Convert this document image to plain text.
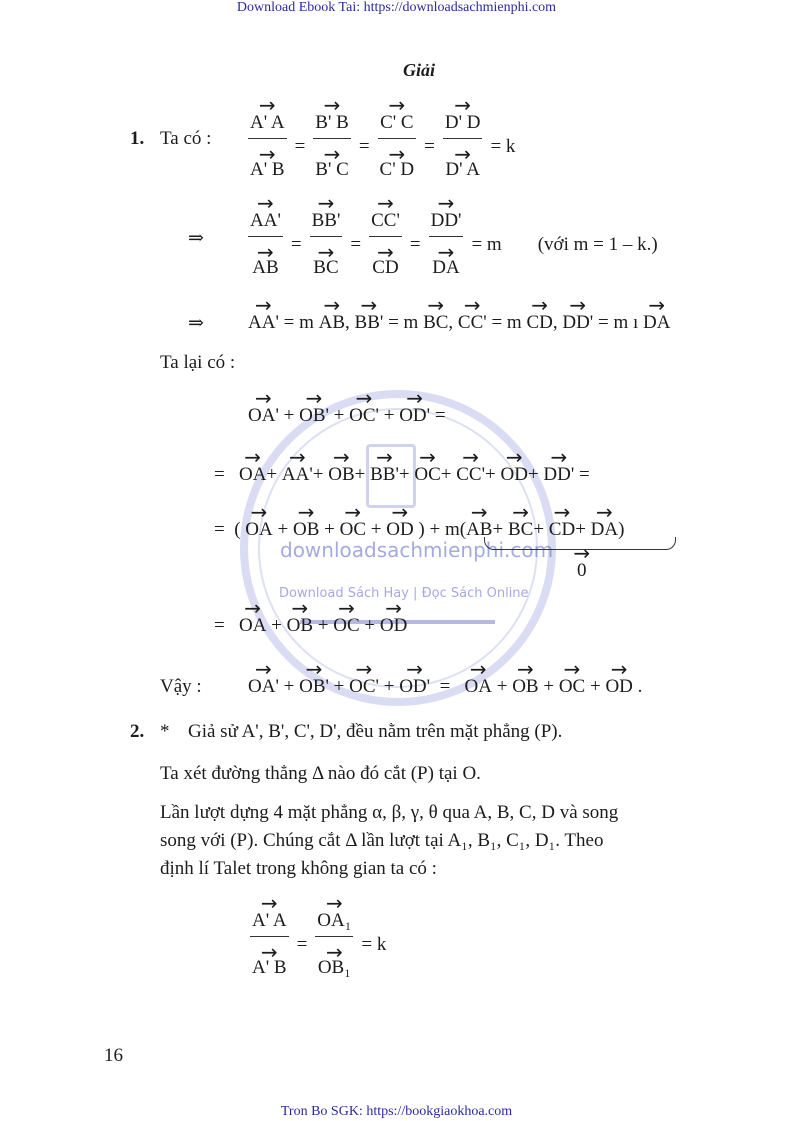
downloadsachmienphi.com
Download Sách Hay | Đọc Sách Online
Download Ebook Tai: https://downloadsachmienphi.com
Giải
1. Ta có : → A' A
→ A' B = → B' B
→ B' C = → C' C
→ C' D = → D' D
→ D' A = k
⇒ → AA'
→ AB = → BB'
→ BC = → CC'
→ CD = → DD'
→ DA = m (với m = 1 – k.)
⇒ → AA' = m → AB, → BB' = m → BC, → CC' = m → CD, → DD' = m ı → DA
Ta lại có :
→ OA' + → OB' + → OC' + → OD' =
=   → OA+ → AA'+ → OB+ → BB'+ → OC+ → CC'+ → OD+ → DD' =
=  ( → OA + → OB + → OC + → OD ) + m(→ AB+ → BC+ → CD+ → DA)
→ 0
=   → OA + → OB + → OC + → OD
Vậy : → OA' + → OB' + → OC' + → OD'  =   → OA + → OB + → OC + → OD .
2. * Giả sử A', B', C', D', đều nằm trên mặt phẳng (P).
Ta xét đường thẳng Δ nào đó cắt (P) tại O.
Lần lượt dựng 4 mặt phẳng α, β, γ, θ qua A, B, C, D và song
song với (P). Chúng cắt Δ lần lượt tại A₁, B₁, C₁, D₁. Theo
định lí Talet trong không gian ta có :
→ A' A
→ A' B = → OA₁
→ OB₁ = k
16
Tron Bo SGK: https://bookgiaokhoa.com
